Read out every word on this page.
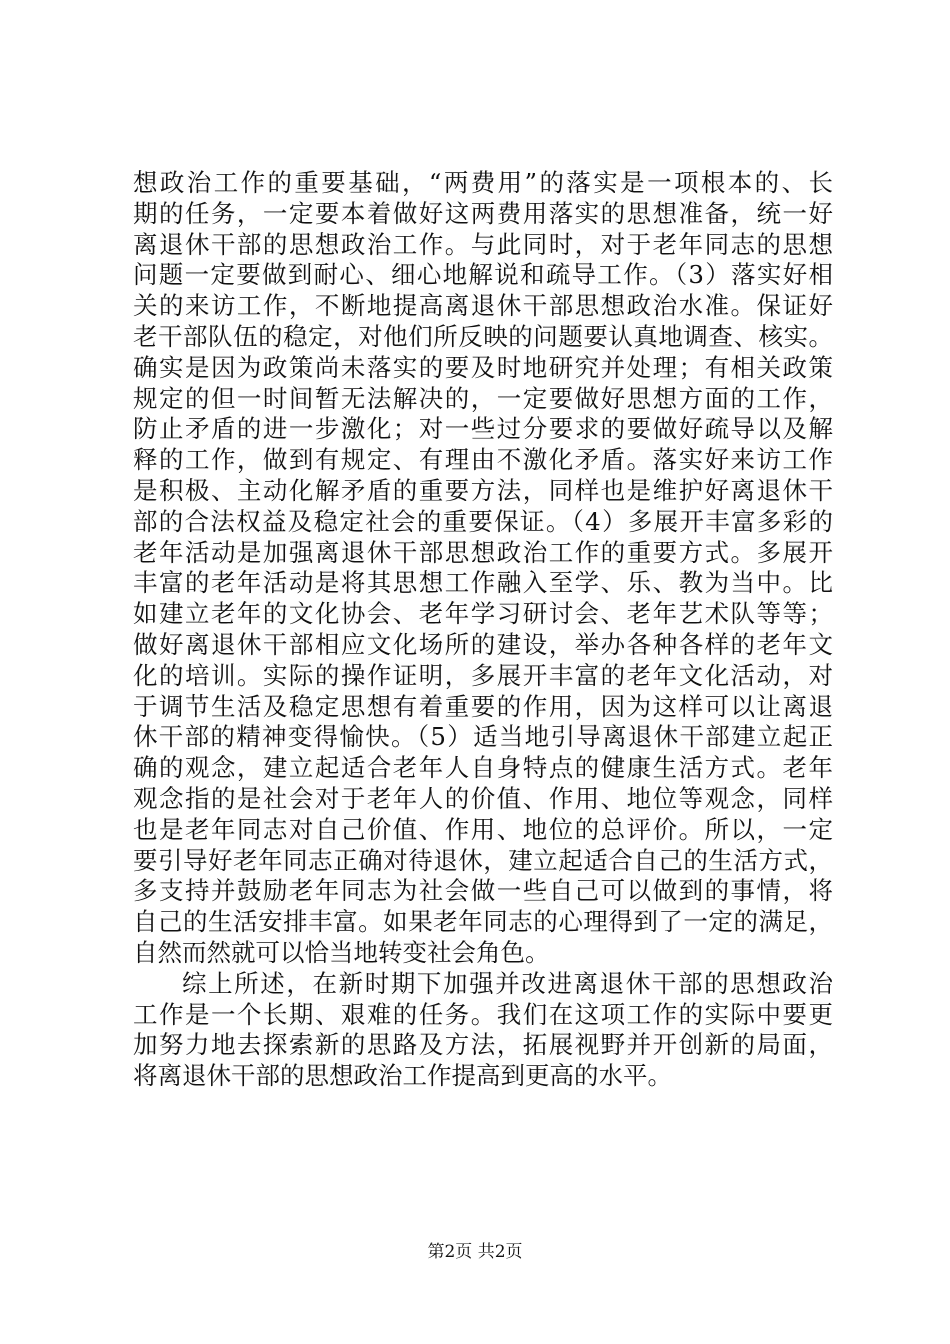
想政治工作的重要基础，“两费用”的落实是一项根本的、长
期的任务，一定要本着做好这两费用落实的思想准备，统一好
离退休干部的思想政治工作。与此同时，对于老年同志的思想
问题一定要做到耐心、细心地解说和疏导工作。（3）落实好相
关的来访工作，不断地提高离退休干部思想政治水准。保证好
老干部队伍的稳定，对他们所反映的问题要认真地调查、核实。
确实是因为政策尚未落实的要及时地研究并处理；有相关政策
规定的但一时间暂无法解决的，一定要做好思想方面的工作，
防止矛盾的进一步激化；对一些过分要求的要做好疏导以及解
释的工作，做到有规定、有理由不激化矛盾。落实好来访工作
是积极、主动化解矛盾的重要方法，同样也是维护好离退休干
部的合法权益及稳定社会的重要保证。（4）多展开丰富多彩的
老年活动是加强离退休干部思想政治工作的重要方式。多展开
丰富的老年活动是将其思想工作融入至学、乐、教为当中。比
如建立老年的文化协会、老年学习研讨会、老年艺术队等等；
做好离退休干部相应文化场所的建设，举办各种各样的老年文
化的培训。实际的操作证明，多展开丰富的老年文化活动，对
于调节生活及稳定思想有着重要的作用，因为这样可以让离退
休干部的精神变得愉快。（5）适当地引导离退休干部建立起正
确的观念，建立起适合老年人自身特点的健康生活方式。老年
观念指的是社会对于老年人的价值、作用、地位等观念，同样
也是老年同志对自己价值、作用、地位的总评价。所以，一定
要引导好老年同志正确对待退休，建立起适合自己的生活方式，
多支持并鼓励老年同志为社会做一些自己可以做到的事情，将
自己的生活安排丰富。如果老年同志的心理得到了一定的满足，
自然而然就可以恰当地转变社会角色。
综上所述，在新时期下加强并改进离退休干部的思想政治
工作是一个长期、艰难的任务。我们在这项工作的实际中要更
加努力地去探索新的思路及方法，拓展视野并开创新的局面，
将离退休干部的思想政治工作提高到更高的水平。
第2页 共2页
